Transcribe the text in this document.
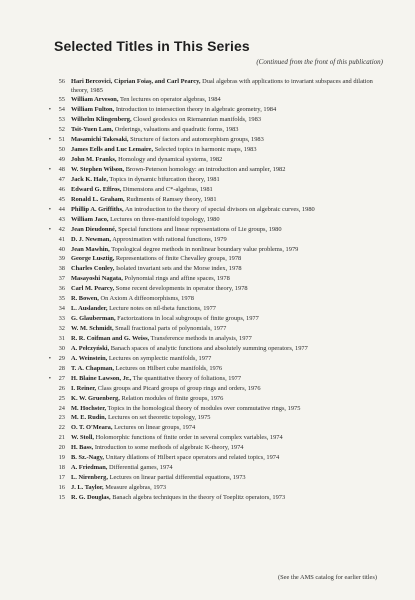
Selected Titles in This Series
(Continued from the front of this publication)
56 Hari Bercovici, Ciprian Foiaş, and Carl Pearcy, Dual algebras with applications to invariant subspaces and dilation theory, 1985
55 William Arveson, Ten lectures on operator algebras, 1984
•	54 William Fulton, Introduction to intersection theory in algebraic geometry, 1984
53 Wilhelm Klingenberg, Closed geodesics on Riemannian manifolds, 1983
52 Tsit-Yuen Lam, Orderings, valuations and quadratic forms, 1983
•	51 Masamichi Takesaki, Structure of factors and automorphism groups, 1983
50 James Eells and Luc Lemaire, Selected topics in harmonic maps, 1983
49 John M. Franks, Homology and dynamical systems, 1982
•	48 W. Stephen Wilson, Brown-Peterson homology: an introduction and sampler, 1982
47 Jack K. Hale, Topics in dynamic bifurcation theory, 1981
46 Edward G. Effros, Dimensions and C*-algebras, 1981
45 Ronald L. Graham, Rudiments of Ramsey theory, 1981
•	44 Phillip A. Griffiths, An introduction to the theory of special divisors on algebraic curves, 1980
43 William Jaco, Lectures on three-manifold topology, 1980
•	42 Jean Dieudonné, Special functions and linear representations of Lie groups, 1980
41 D. J. Newman, Approximation with rational functions, 1979
40 Jean Mawhin, Topological degree methods in nonlinear boundary value problems, 1979
39 George Lusztig, Representations of finite Chevalley groups, 1978
38 Charles Conley, Isolated invariant sets and the Morse index, 1978
37 Masayoshi Nagata, Polynomial rings and affine spaces, 1978
36 Carl M. Pearcy, Some recent developments in operator theory, 1978
35 R. Bowen, On Axiom A diffeomorphisms, 1978
34 L. Auslander, Lecture notes on nil-theta functions, 1977
33 G. Glauberman, Factorizations in local subgroups of finite groups, 1977
32 W. M. Schmidt, Small fractional parts of polynomials, 1977
31 R. R. Coifman and G. Weiss, Transference methods in analysis, 1977
30 A. Pełczyński, Banach spaces of analytic functions and absolutely summing operators, 1977
•	29 A. Weinstein, Lectures on symplectic manifolds, 1977
28 T. A. Chapman, Lectures on Hilbert cube manifolds, 1976
•	27 H. Blaine Lawson, Jr., The quantitative theory of foliations, 1977
26 I. Reiner, Class groups and Picard groups of group rings and orders, 1976
25 K. W. Gruenberg, Relation modules of finite groups, 1976
24 M. Hochster, Topics in the homological theory of modules over commutative rings, 1975
23 M. E. Rudin, Lectures on set theoretic topology, 1975
22 O. T. O'Meara, Lectures on linear groups, 1974
21 W. Stoll, Holomorphic functions of finite order in several complex variables, 1974
20 H. Bass, Introduction to some methods of algebraic K-theory, 1974
19 B. Sz.-Nagy, Unitary dilations of Hilbert space operators and related topics, 1974
18 A. Friedman, Differential games, 1974
17 L. Nirenberg, Lectures on linear partial differential equations, 1973
16 J. L. Taylor, Measure algebras, 1973
15 R. G. Douglas, Banach algebra techniques in the theory of Toeplitz operators, 1973
(See the AMS catalog for earlier titles)
